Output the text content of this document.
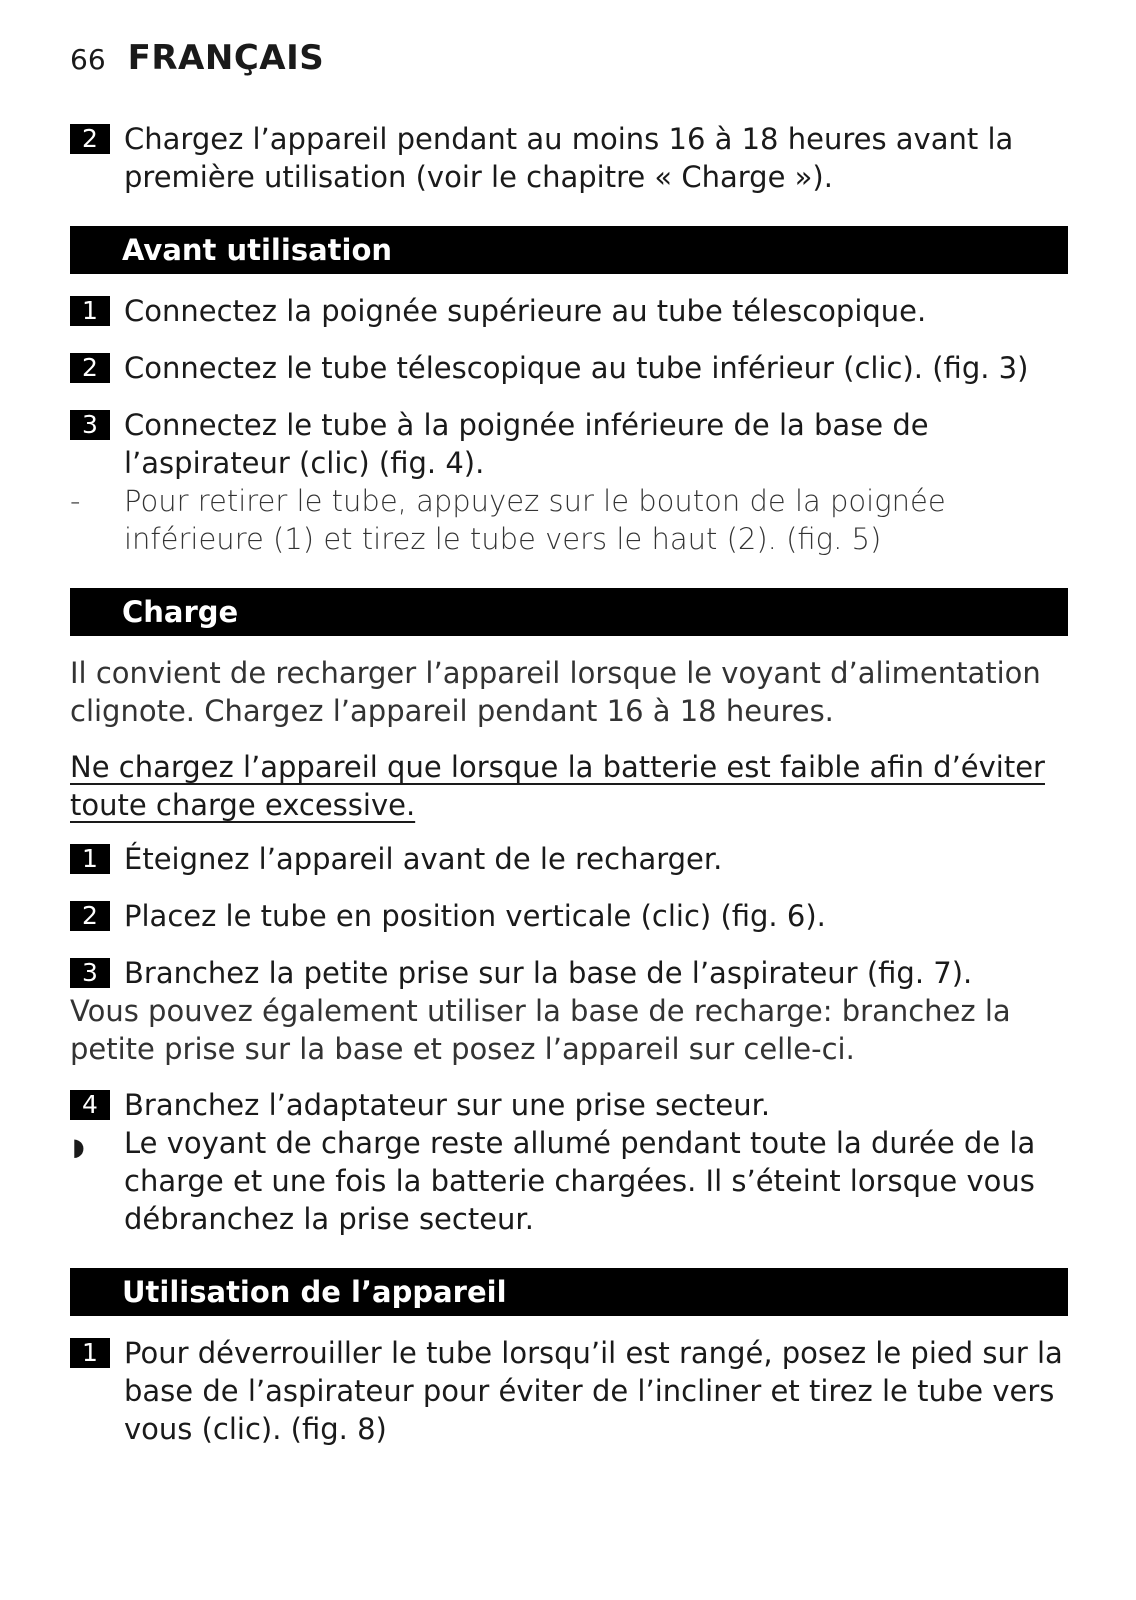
66 FRANÇAIS
2 Chargez l’appareil pendant au moins 16 à 18 heures avant la première utilisation (voir le chapitre « Charge »).
Avant utilisation
1 Connectez la poignée supérieure au tube télescopique.
2 Connectez le tube télescopique au tube inférieur (clic). (fig. 3)
3 Connectez le tube à la poignée inférieure de la base de l’aspirateur (clic) (fig. 4).
- Pour retirer le tube, appuyez sur le bouton de la poignée inférieure (1) et tirez le tube vers le haut (2). (fig. 5)
Charge
Il convient de recharger l’appareil lorsque le voyant d’alimentation clignote. Chargez l’appareil pendant 16 à 18 heures.
Ne chargez l’appareil que lorsque la batterie est faible afin d’éviter toute charge excessive.
1 Éteignez l’appareil avant de le recharger.
2 Placez le tube en position verticale (clic) (fig. 6).
3 Branchez la petite prise sur la base de l’aspirateur (fig. 7).
Vous pouvez également utiliser la base de recharge: branchez la petite prise sur la base et posez l’appareil sur celle-ci.
4 Branchez l’adaptateur sur une prise secteur.
◗ Le voyant de charge reste allumé pendant toute la durée de la charge et une fois la batterie chargées. Il s’éteint lorsque vous débranchez la prise secteur.
Utilisation de l’appareil
1 Pour déverrouiller le tube lorsqu’il est rangé, posez le pied sur la base de l’aspirateur pour éviter de l’incliner et tirez le tube vers vous (clic). (fig. 8)
